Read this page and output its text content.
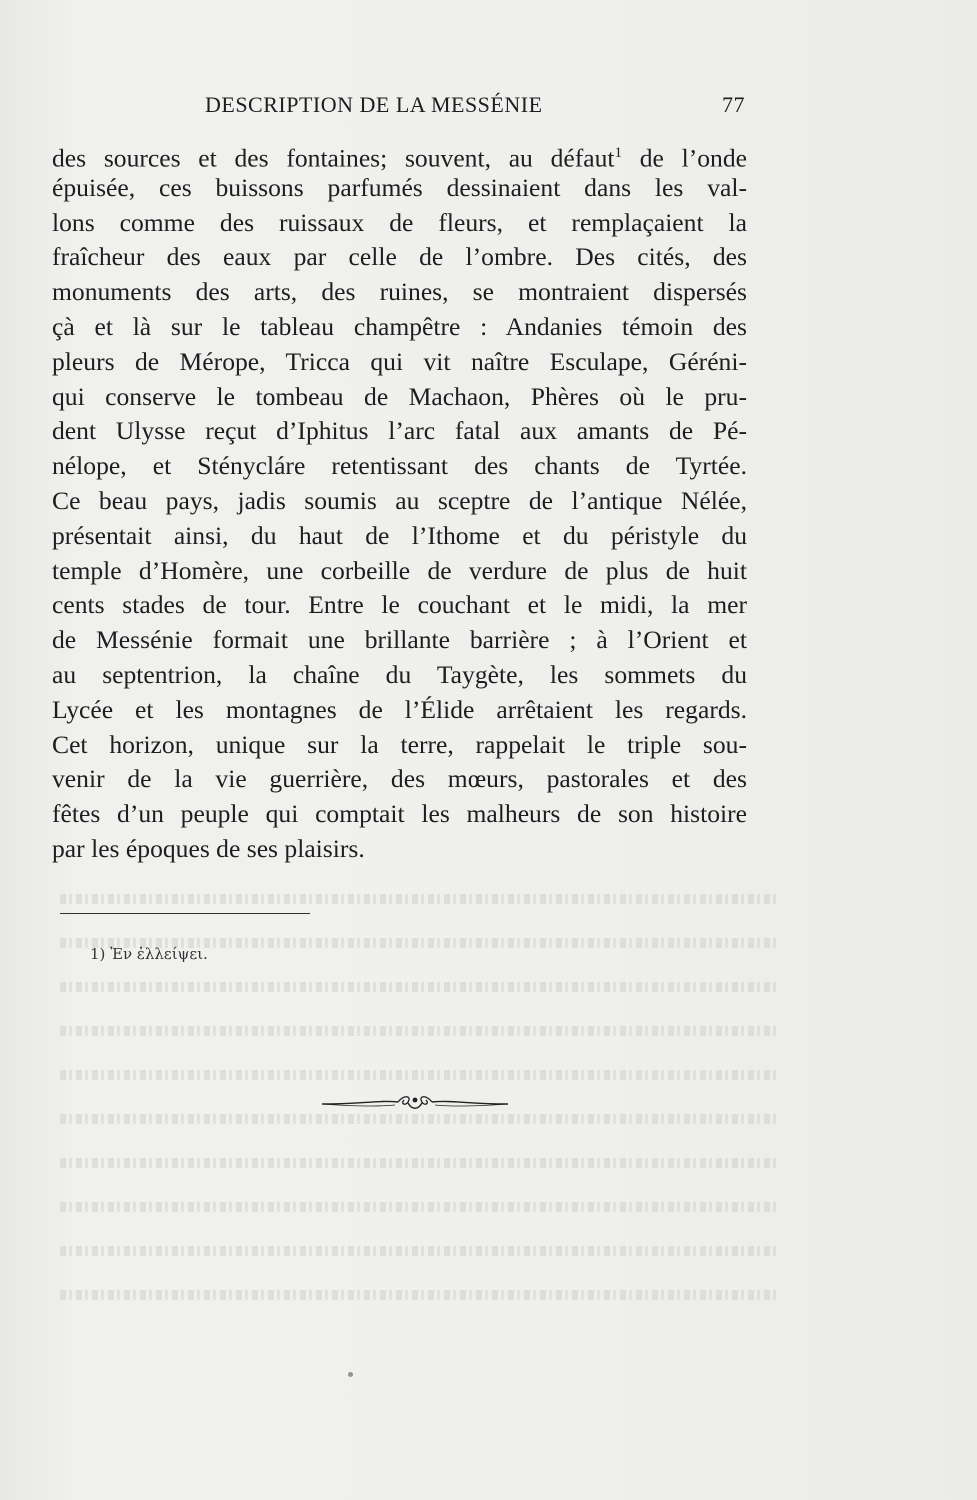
DESCRIPTION DE LA MESSÉNIE	77
des sources et des fontaines; souvent, au défaut$^1$ de l’onde
épuisée, ces buissons parfumés dessinaient dans les val-
lons comme des ruissaux de fleurs, et remplaçaient la
fraîcheur des eaux par celle de l’ombre. Des cités, des
monuments des arts, des ruines, se montraient dispersés
çà et là sur le tableau champêtre : Andanies témoin des
pleurs de Mérope, Tricca qui vit naître Esculape, Géréni-
qui conserve le tombeau de Machaon, Phères où le pru-
dent Ulysse reçut d’Iphitus l’arc fatal aux amants de Pé-
nélope, et Sténycláre retentissant des chants de Tyrtée.
Ce beau pays, jadis soumis au sceptre de l’antique Nélée,
présentait ainsi, du haut de l’Ithome et du péristyle du
temple d’Homère, une corbeille de verdure de plus de huit
cents stades de tour. Entre le couchant et le midi, la mer
de Messénie formait une brillante barrière ; à l’Orient et
au septentrion, la chaîne du Taygète, les sommets du
Lycée et les montagnes de l’Élide arrêtaient les regards.
Cet horizon, unique sur la terre, rappelait le triple sou-
venir de la vie guerrière, des mœurs, pastorales et des
fêtes d’un peuple qui comptait les malheurs de son histoire
par les époques de ses plaisirs.
1) Ἐν ἐλλείψει.
